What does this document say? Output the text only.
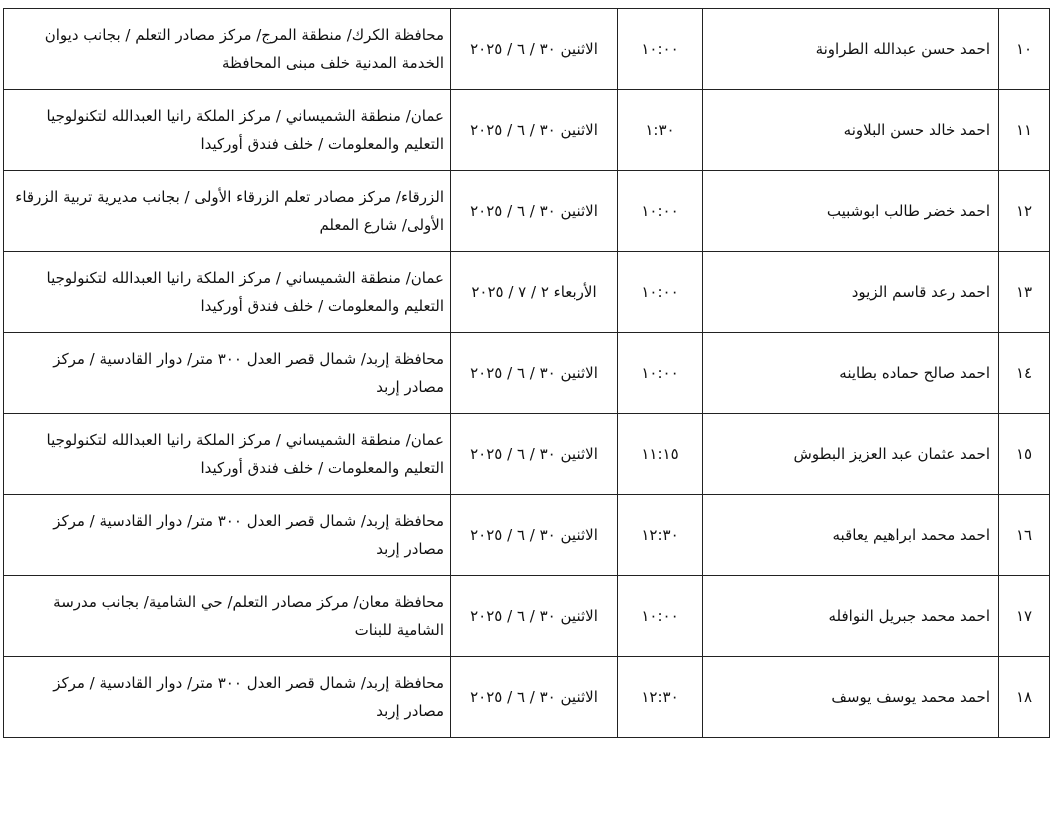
١٠	احمد حسن عبدالله الطراونة	١٠:٠٠	الاثنين ٣٠ / ٦ / ٢٠٢٥	محافظة الكرك/ منطقة المرج/ مركز مصادر التعلم / بجانب ديوان
الخدمة المدنية خلف مبنى المحافظة

١١	احمد خالد حسن البلاونه	١:٣٠	الاثنين ٣٠ / ٦ / ٢٠٢٥	عمان/ منطقة الشميساني / مركز الملكة رانيا العبدالله لتكنولوجيا
التعليم والمعلومات / خلف فندق أوركيدا

١٢	احمد خضر طالب ابوشبيب	١٠:٠٠	الاثنين ٣٠ / ٦ / ٢٠٢٥	الزرقاء/ مركز مصادر تعلم الزرقاء الأولى / بجانب مديرية تربية الزرقاء
الأولى/ شارع المعلم

١٣	احمد رعد قاسم الزيود	١٠:٠٠	الأربعاء ٢ / ٧ / ٢٠٢٥	عمان/ منطقة الشميساني / مركز الملكة رانيا العبدالله لتكنولوجيا
التعليم والمعلومات / خلف فندق أوركيدا

١٤	احمد صالح حماده بطاينه	١٠:٠٠	الاثنين ٣٠ / ٦ / ٢٠٢٥	محافظة إربد/ شمال قصر العدل ٣٠٠ متر/ دوار القادسية / مركز
مصادر إربد

١٥	احمد عثمان عبد العزيز البطوش	١١:١٥	الاثنين ٣٠ / ٦ / ٢٠٢٥	عمان/ منطقة الشميساني / مركز الملكة رانيا العبدالله لتكنولوجيا
التعليم والمعلومات / خلف فندق أوركيدا

١٦	احمد محمد ابراهيم يعاقبه	١٢:٣٠	الاثنين ٣٠ / ٦ / ٢٠٢٥	محافظة إربد/ شمال قصر العدل ٣٠٠ متر/ دوار القادسية / مركز
مصادر إربد

١٧	احمد محمد جبريل النوافله	١٠:٠٠	الاثنين ٣٠ / ٦ / ٢٠٢٥	محافظة معان/ مركز مصادر التعلم/ حي الشامية/ بجانب مدرسة
الشامية للبنات

١٨	احمد محمد يوسف يوسف	١٢:٣٠	الاثنين ٣٠ / ٦ / ٢٠٢٥	محافظة إربد/ شمال قصر العدل ٣٠٠ متر/ دوار القادسية / مركز
مصادر إربد
